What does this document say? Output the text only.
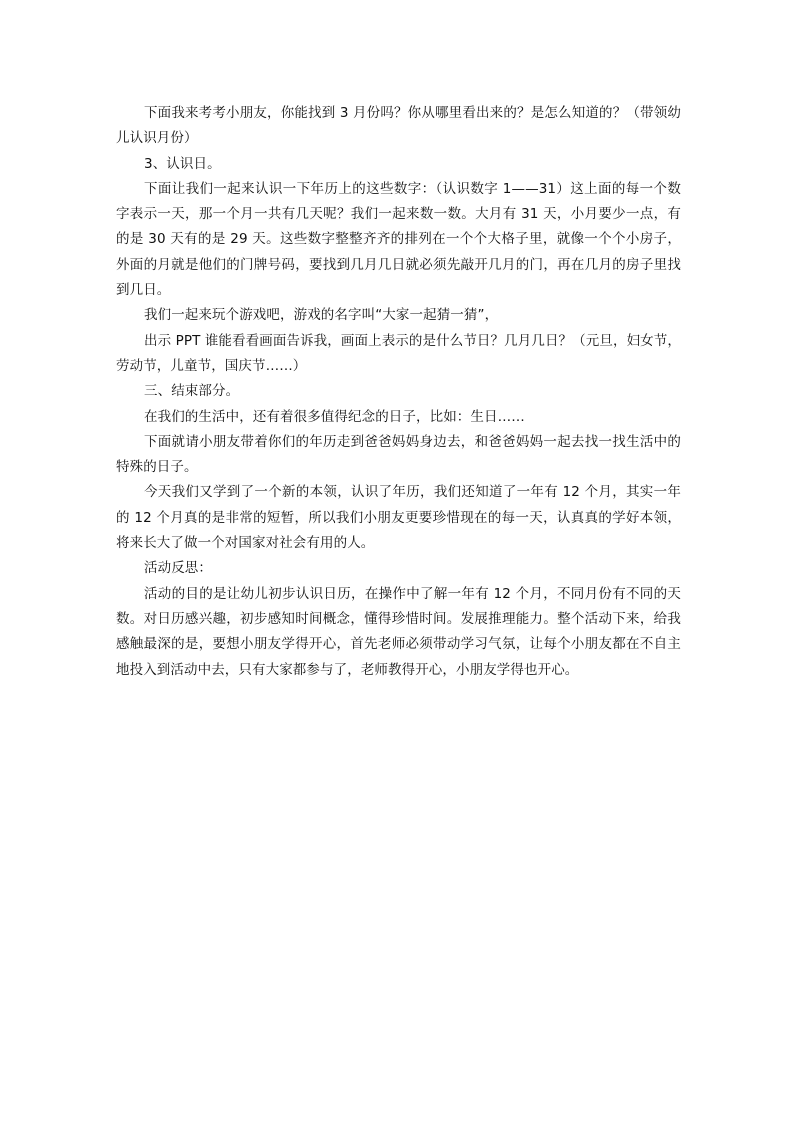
下面我来考考小朋友，你能找到 3 月份吗？你从哪里看出来的？是怎么知道的？（带领幼儿认识月份）

3、认识日。

下面让我们一起来认识一下年历上的这些数字：（认识数字 1——31）这上面的每一个数字表示一天，那一个月一共有几天呢？我们一起来数一数。大月有 31 天，小月要少一点，有的是 30 天有的是 29 天。这些数字整整齐齐的排列在一个个大格子里，就像一个个小房子，外面的月就是他们的门牌号码，要找到几月几日就必须先敲开几月的门，再在几月的房子里找到几日。

我们一起来玩个游戏吧，游戏的名字叫“大家一起猜一猜”，

出示 PPT 谁能看看画面告诉我，画面上表示的是什么节日？几月几日？（元旦，妇女节，劳动节，儿童节，国庆节……）

三、结束部分。

在我们的生活中，还有着很多值得纪念的日子，比如：生日……

下面就请小朋友带着你们的年历走到爸爸妈妈身边去，和爸爸妈妈一起去找一找生活中的特殊的日子。

今天我们又学到了一个新的本领，认识了年历，我们还知道了一年有 12 个月，其实一年的 12 个月真的是非常的短暂，所以我们小朋友更要珍惜现在的每一天，认真真的学好本领，将来长大了做一个对国家对社会有用的人。

活动反思：

活动的目的是让幼儿初步认识日历，在操作中了解一年有 12 个月，不同月份有不同的天数。对日历感兴趣，初步感知时间概念，懂得珍惜时间。发展推理能力。整个活动下来，给我感触最深的是，要想小朋友学得开心，首先老师必须带动学习气氛，让每个小朋友都在不自主地投入到活动中去，只有大家都参与了，老师教得开心，小朋友学得也开心。
